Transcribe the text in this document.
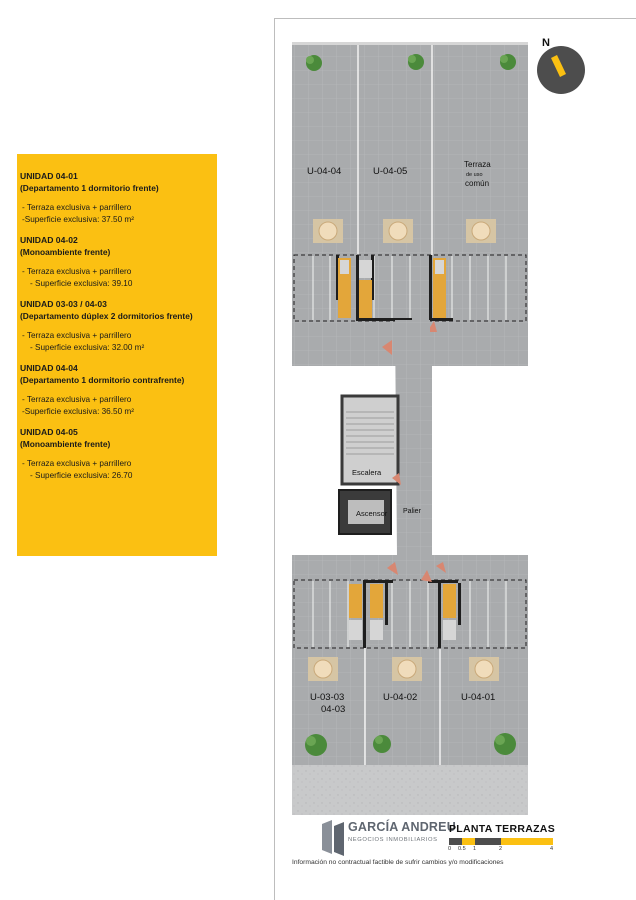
UNIDAD 04-01
(Departamento 1 dormitorio frente)
- Terraza exclusiva + parrillero
-Superficie exclusiva: 37.50 m²
UNIDAD 04-02
(Monoambiente frente)
- Terraza exclusiva + parrillero
- Superficie exclusiva: 39.10
UNIDAD 03-03 / 04-03
(Departamento dúplex 2 dormitorios frente)
- Terraza exclusiva + parrillero
- Superficie exclusiva: 32.00 m²
UNIDAD 04-04
(Departamento 1 dormitorio contrafrente)
- Terraza exclusiva + parrillero
-Superficie exclusiva: 36.50 m²
UNIDAD 04-05
(Monoambiente frente)
- Terraza exclusiva + parrillero
- Superficie exclusiva: 26.70
U-04-04	U-04-05
Terraza
de uso
común
Escalera
Ascensor Palier
U-03-03
04-03
U-04-02	U-04-01
N
GARCÍA ANDREU
NEGOCIOS INMOBILIARIOS
PLANTA TERRAZAS
0 0.5 1	2	4
Información no contractual factible de sufrir cambios y/o modificaciones
